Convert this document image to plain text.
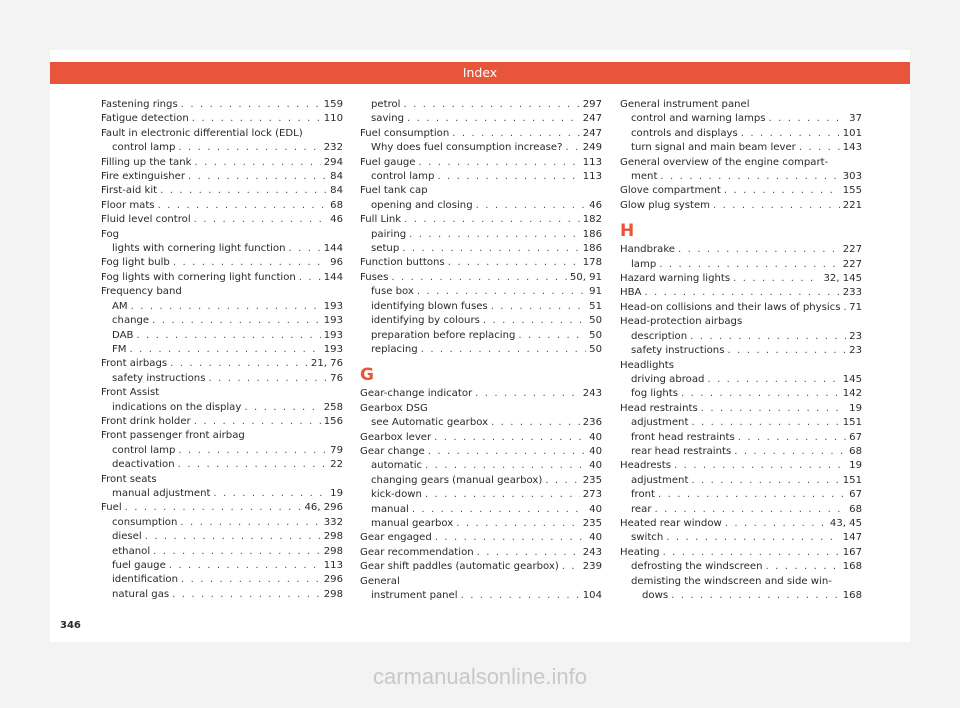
Index
Fastening rings . . .	159
Fatigue detection . . .	110
Fault in electronic differential lock (EDL)
control lamp . . .	232
Filling up the tank . . .	294
Fire extinguisher . . .	84
First-aid kit . . .	84
Floor mats . . .	68
Fluid level control . . .	46
Fog
lights with cornering light function . . .	144
Fog light bulb . . .	96
Fog lights with cornering light function . . .	144
Frequency band
AM . . .	193
change . . .	193
DAB . . .	193
FM . . .	193
Front airbags . . .	21, 76
safety instructions . . .	76
Front Assist
indications on the display . . .	258
Front drink holder . . .	156
Front passenger front airbag
control lamp . . .	79
deactivation . . .	22
Front seats
manual adjustment . . .	19
Fuel . . .	46, 296
consumption . . .	332
diesel . . .	298
ethanol . . .	298
fuel gauge . . .	113
identification . . .	296
natural gas . . .	298
petrol . . .	297
saving . . .	247
Fuel consumption . . .	247
Why does fuel consumption increase? . . . 249
Fuel gauge . . .	113
control lamp . . .	113
Fuel tank cap
opening and closing . . .	46
Full Link . . .	182
pairing . . .	186
setup . . .	186
Function buttons . . .	178
Fuses . . .	50, 91
fuse box . . .	91
identifying blown fuses . . .	51
identifying by colours . . .	50
preparation before replacing . . .	50
replacing . . .	50
G
Gear-change indicator . . .	243
Gearbox DSG
see Automatic gearbox . . .	236
Gearbox lever . . .	40
Gear change . . .	40
automatic . . .	40
changing gears (manual gearbox) . . .	235
kick-down . . .	273
manual . . .	40
manual gearbox . . .	235
Gear engaged . . .	40
Gear recommendation . . .	243
Gear shift paddles (automatic gearbox) . . . 239
General
instrument panel . . .	104
General instrument panel
control and warning lamps . . .	37
controls and displays . . .	101
turn signal and main beam lever . . .	143
General overview of the engine compart-
ment . . .	303
Glove compartment . . .	155
Glow plug system . . .	221
H
Handbrake . . .	227
lamp . . .	227
Hazard warning lights . . .	32, 145
HBA . . .	233
Head-on collisions and their laws of physics . . . 71
Head-protection airbags
description . . .	23
safety instructions . . .	23
Headlights
driving abroad . . .	145
fog lights . . .	142
Head restraints . . .	19
adjustment . . .	151
front head restraints . . .	67
rear head restraints . . .	68
Headrests . . .	19
adjustment . . .	151
front . . .	67
rear . . .	68
Heated rear window . . .	43, 45
switch . . .	147
Heating . . .	167
defrosting the windscreen . . .	168
demisting the windscreen and side win-
dows . . .	168
346
carmanualsonline.info
